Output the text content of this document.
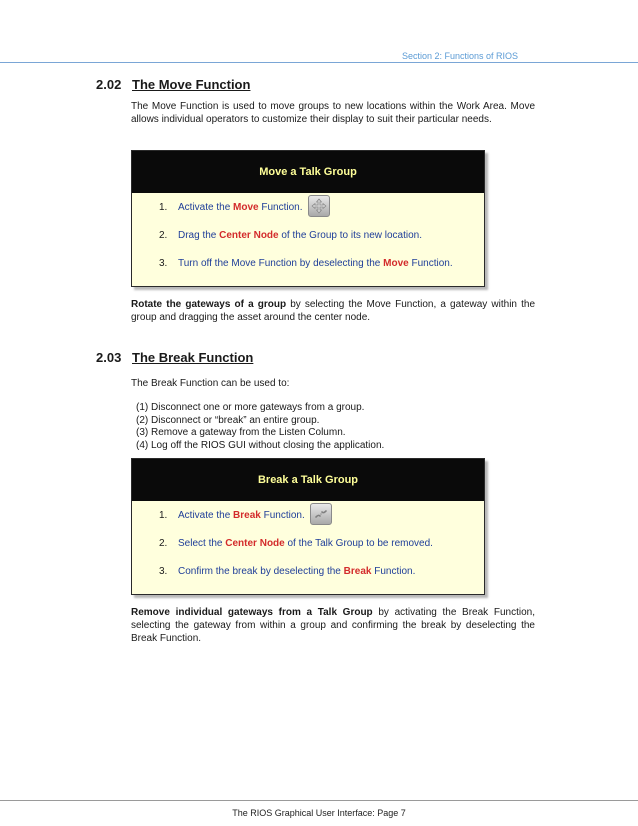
Section 2: Functions of RIOS
2.02 The Move Function

The Move Function is used to move groups to new locations within the Work Area. Move allows individual operators to customize their display to suit their particular needs.

Move a Talk Group
1. Activate the Move Function.
2. Drag the Center Node of the Group to its new location.
3. Turn off the Move Function by deselecting the Move Function.

Rotate the gateways of a group by selecting the Move Function, a gateway within the group and dragging the asset around the center node.

2.03 The Break Function

The Break Function can be used to:

(1) Disconnect one or more gateways from a group.
(2) Disconnect or “break” an entire group.
(3) Remove a gateway from the Listen Column.
(4) Log off the RIOS GUI without closing the application.
Break a Talk Group
1. Activate the Break Function.
2. Select the Center Node of the Talk Group to be removed.
3. Confirm the break by deselecting the Break Function.

Remove individual gateways from a Talk Group by activating the Break Function, selecting the gateway from within a group and confirming the break by deselecting the Break Function.

The RIOS Graphical User Interface: Page 7
